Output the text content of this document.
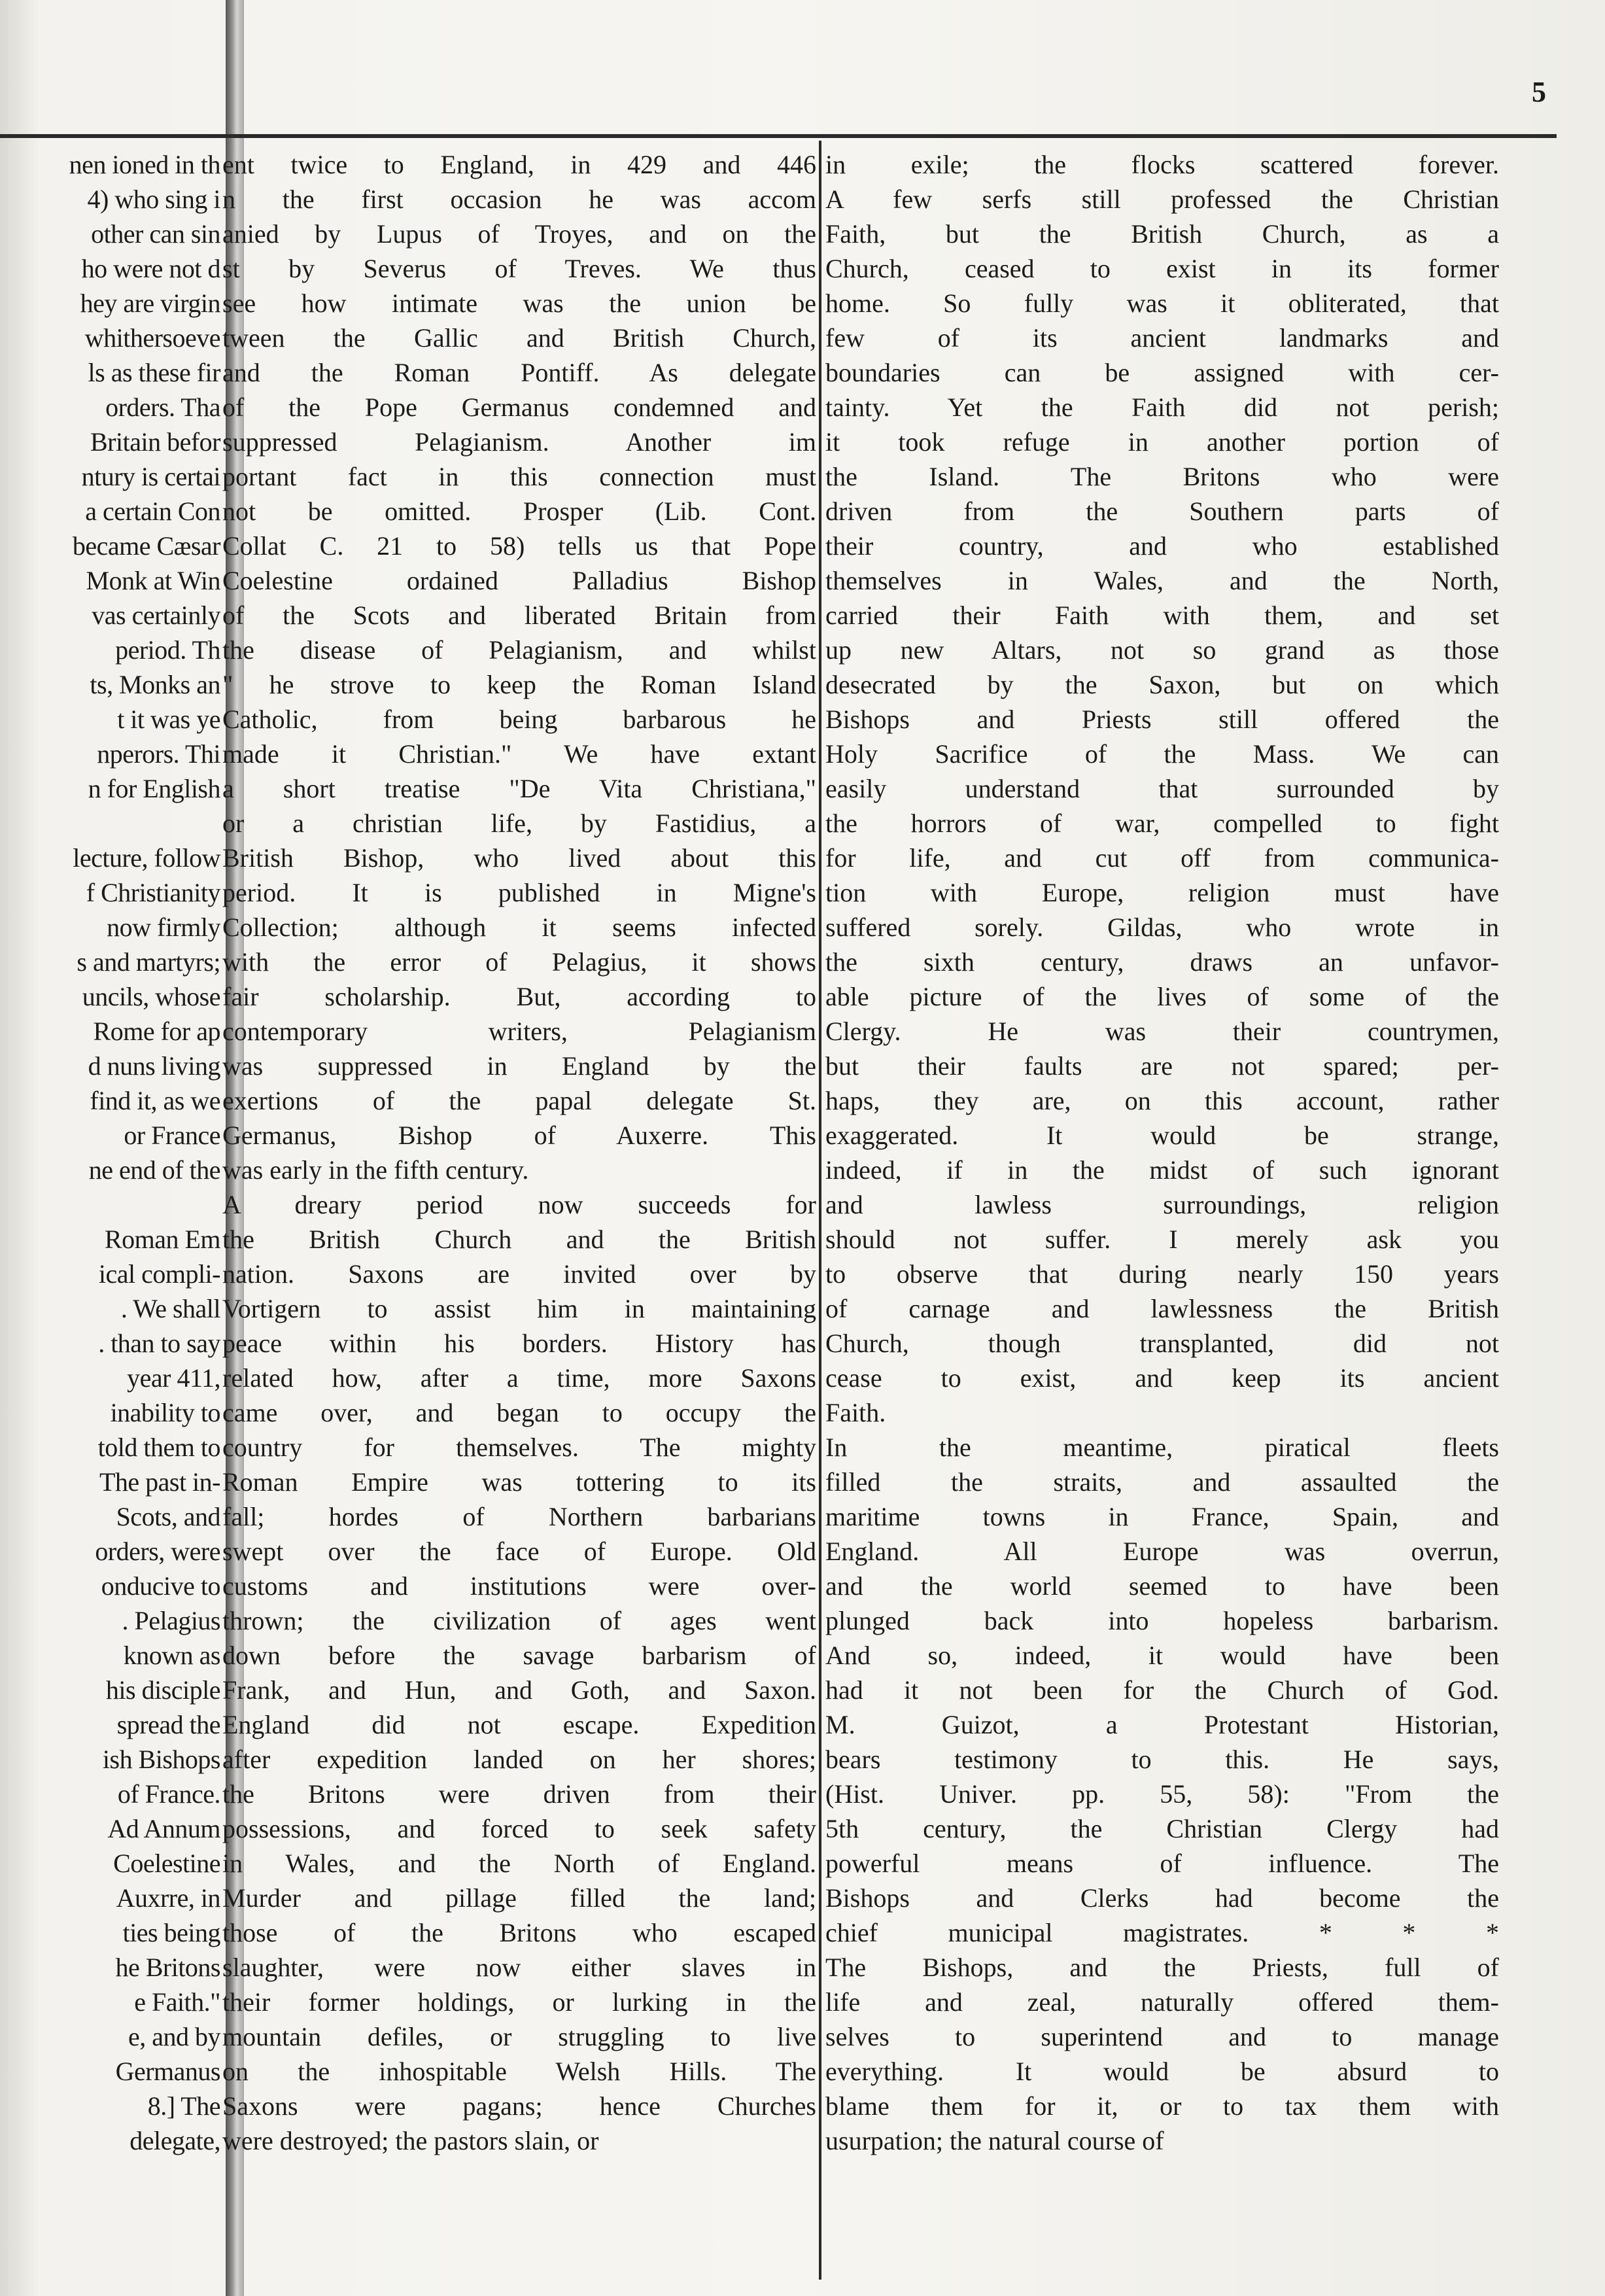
5
nen ioned in th
4) who sing i
other can sin
ho were not d
hey are virgin
whithersoeve
ls as these fir
orders. Tha
Britain befor
ntury is certai
a certain Con
became Cæsar
Monk at Win
vas certainly
period. Th
ts, Monks an
t it was ye
nperors. Thi
n for English
lecture, follow
f Christianity
now firmly
s and martyrs;
uncils, whose
Rome for ap
d nuns living
find it, as we
or France
ne end of the
Roman Em
ical compli-
. We shall
. than to say
year 411,
inability to
told them to
The past in-
Scots, and
orders, were
onducive to
. Pelagius
known as
his disciple
spread the
ish Bishops
of France.
Ad Annum
Coelestine
Auxrre, in
ties being
he Britons
e Faith."
e, and by
Germanus
8.] The
delegate,
ent twice to England, in 429 and 446
n the first occasion he was accom
anied by Lupus of Troyes, and on the
st by Severus of Treves. We thus
see how intimate was the union be
tween the Gallic and British Church,
and the Roman Pontiff. As delegate
of the Pope Germanus condemned and
suppressed Pelagianism. Another im
portant fact in this connection must
not be omitted. Prosper (Lib. Cont.
Collat C. 21 to 58) tells us that Pope
Coelestine ordained Palladius Bishop
of the Scots and liberated Britain from
the disease of Pelagianism, and whilst
" he strove to keep the Roman Island
Catholic, from being barbarous he
made it Christian." We have extant
a short treatise "De Vita Christiana,"
or a christian life, by Fastidius, a
British Bishop, who lived about this
period. It is published in Migne's
Collection; although it seems infected
with the error of Pelagius, it shows
fair scholarship. But, according to
contemporary writers, Pelagianism
was suppressed in England by the
exertions of the papal delegate St.
Germanus, Bishop of Auxerre. This
was early in the fifth century.
A dreary period now succeeds for
the British Church and the British
nation. Saxons are invited over by
Vortigern to assist him in maintaining
peace within his borders. History has
related how, after a time, more Saxons
came over, and began to occupy the
country for themselves. The mighty
Roman Empire was tottering to its
fall; hordes of Northern barbarians
swept over the face of Europe. Old
customs and institutions were over-
thrown; the civilization of ages went
down before the savage barbarism of
Frank, and Hun, and Goth, and Saxon.
England did not escape. Expedition
after expedition landed on her shores;
the Britons were driven from their
possessions, and forced to seek safety
in Wales, and the North of England.
Murder and pillage filled the land;
those of the Britons who escaped
slaughter, were now either slaves in
their former holdings, or lurking in the
mountain defiles, or struggling to live
on the inhospitable Welsh Hills. The
Saxons were pagans; hence Churches
were destroyed; the pastors slain, or
in exile; the flocks scattered forever.
A few serfs still professed the Christian
Faith, but the British Church, as a
Church, ceased to exist in its former
home. So fully was it obliterated, that
few of its ancient landmarks and
boundaries can be assigned with cer-
tainty. Yet the Faith did not perish;
it took refuge in another portion of
the Island. The Britons who were
driven from the Southern parts of
their country, and who established
themselves in Wales, and the North,
carried their Faith with them, and set
up new Altars, not so grand as those
desecrated by the Saxon, but on which
Bishops and Priests still offered the
Holy Sacrifice of the Mass. We can
easily understand that surrounded by
the horrors of war, compelled to fight
for life, and cut off from communica-
tion with Europe, religion must have
suffered sorely. Gildas, who wrote in
the sixth century, draws an unfavor-
able picture of the lives of some of the
Clergy. He was their countrymen,
but their faults are not spared; per-
haps, they are, on this account, rather
exaggerated. It would be strange,
indeed, if in the midst of such ignorant
and lawless surroundings, religion
should not suffer. I merely ask you
to observe that during nearly 150 years
of carnage and lawlessness the British
Church, though transplanted, did not
cease to exist, and keep its ancient
Faith.
In the meantime, piratical fleets
filled the straits, and assaulted the
maritime towns in France, Spain, and
England. All Europe was overrun,
and the world seemed to have been
plunged back into hopeless barbarism.
And so, indeed, it would have been
had it not been for the Church of God.
M. Guizot, a Protestant Historian,
bears testimony to this. He says,
(Hist. Univer. pp. 55, 58): "From the
5th century, the Christian Clergy had
powerful means of influence. The
Bishops and Clerks had become the
chief municipal magistrates. * * *
The Bishops, and the Priests, full of
life and zeal, naturally offered them-
selves to superintend and to manage
everything. It would be absurd to
blame them for it, or to tax them with
usurpation; the natural course of
